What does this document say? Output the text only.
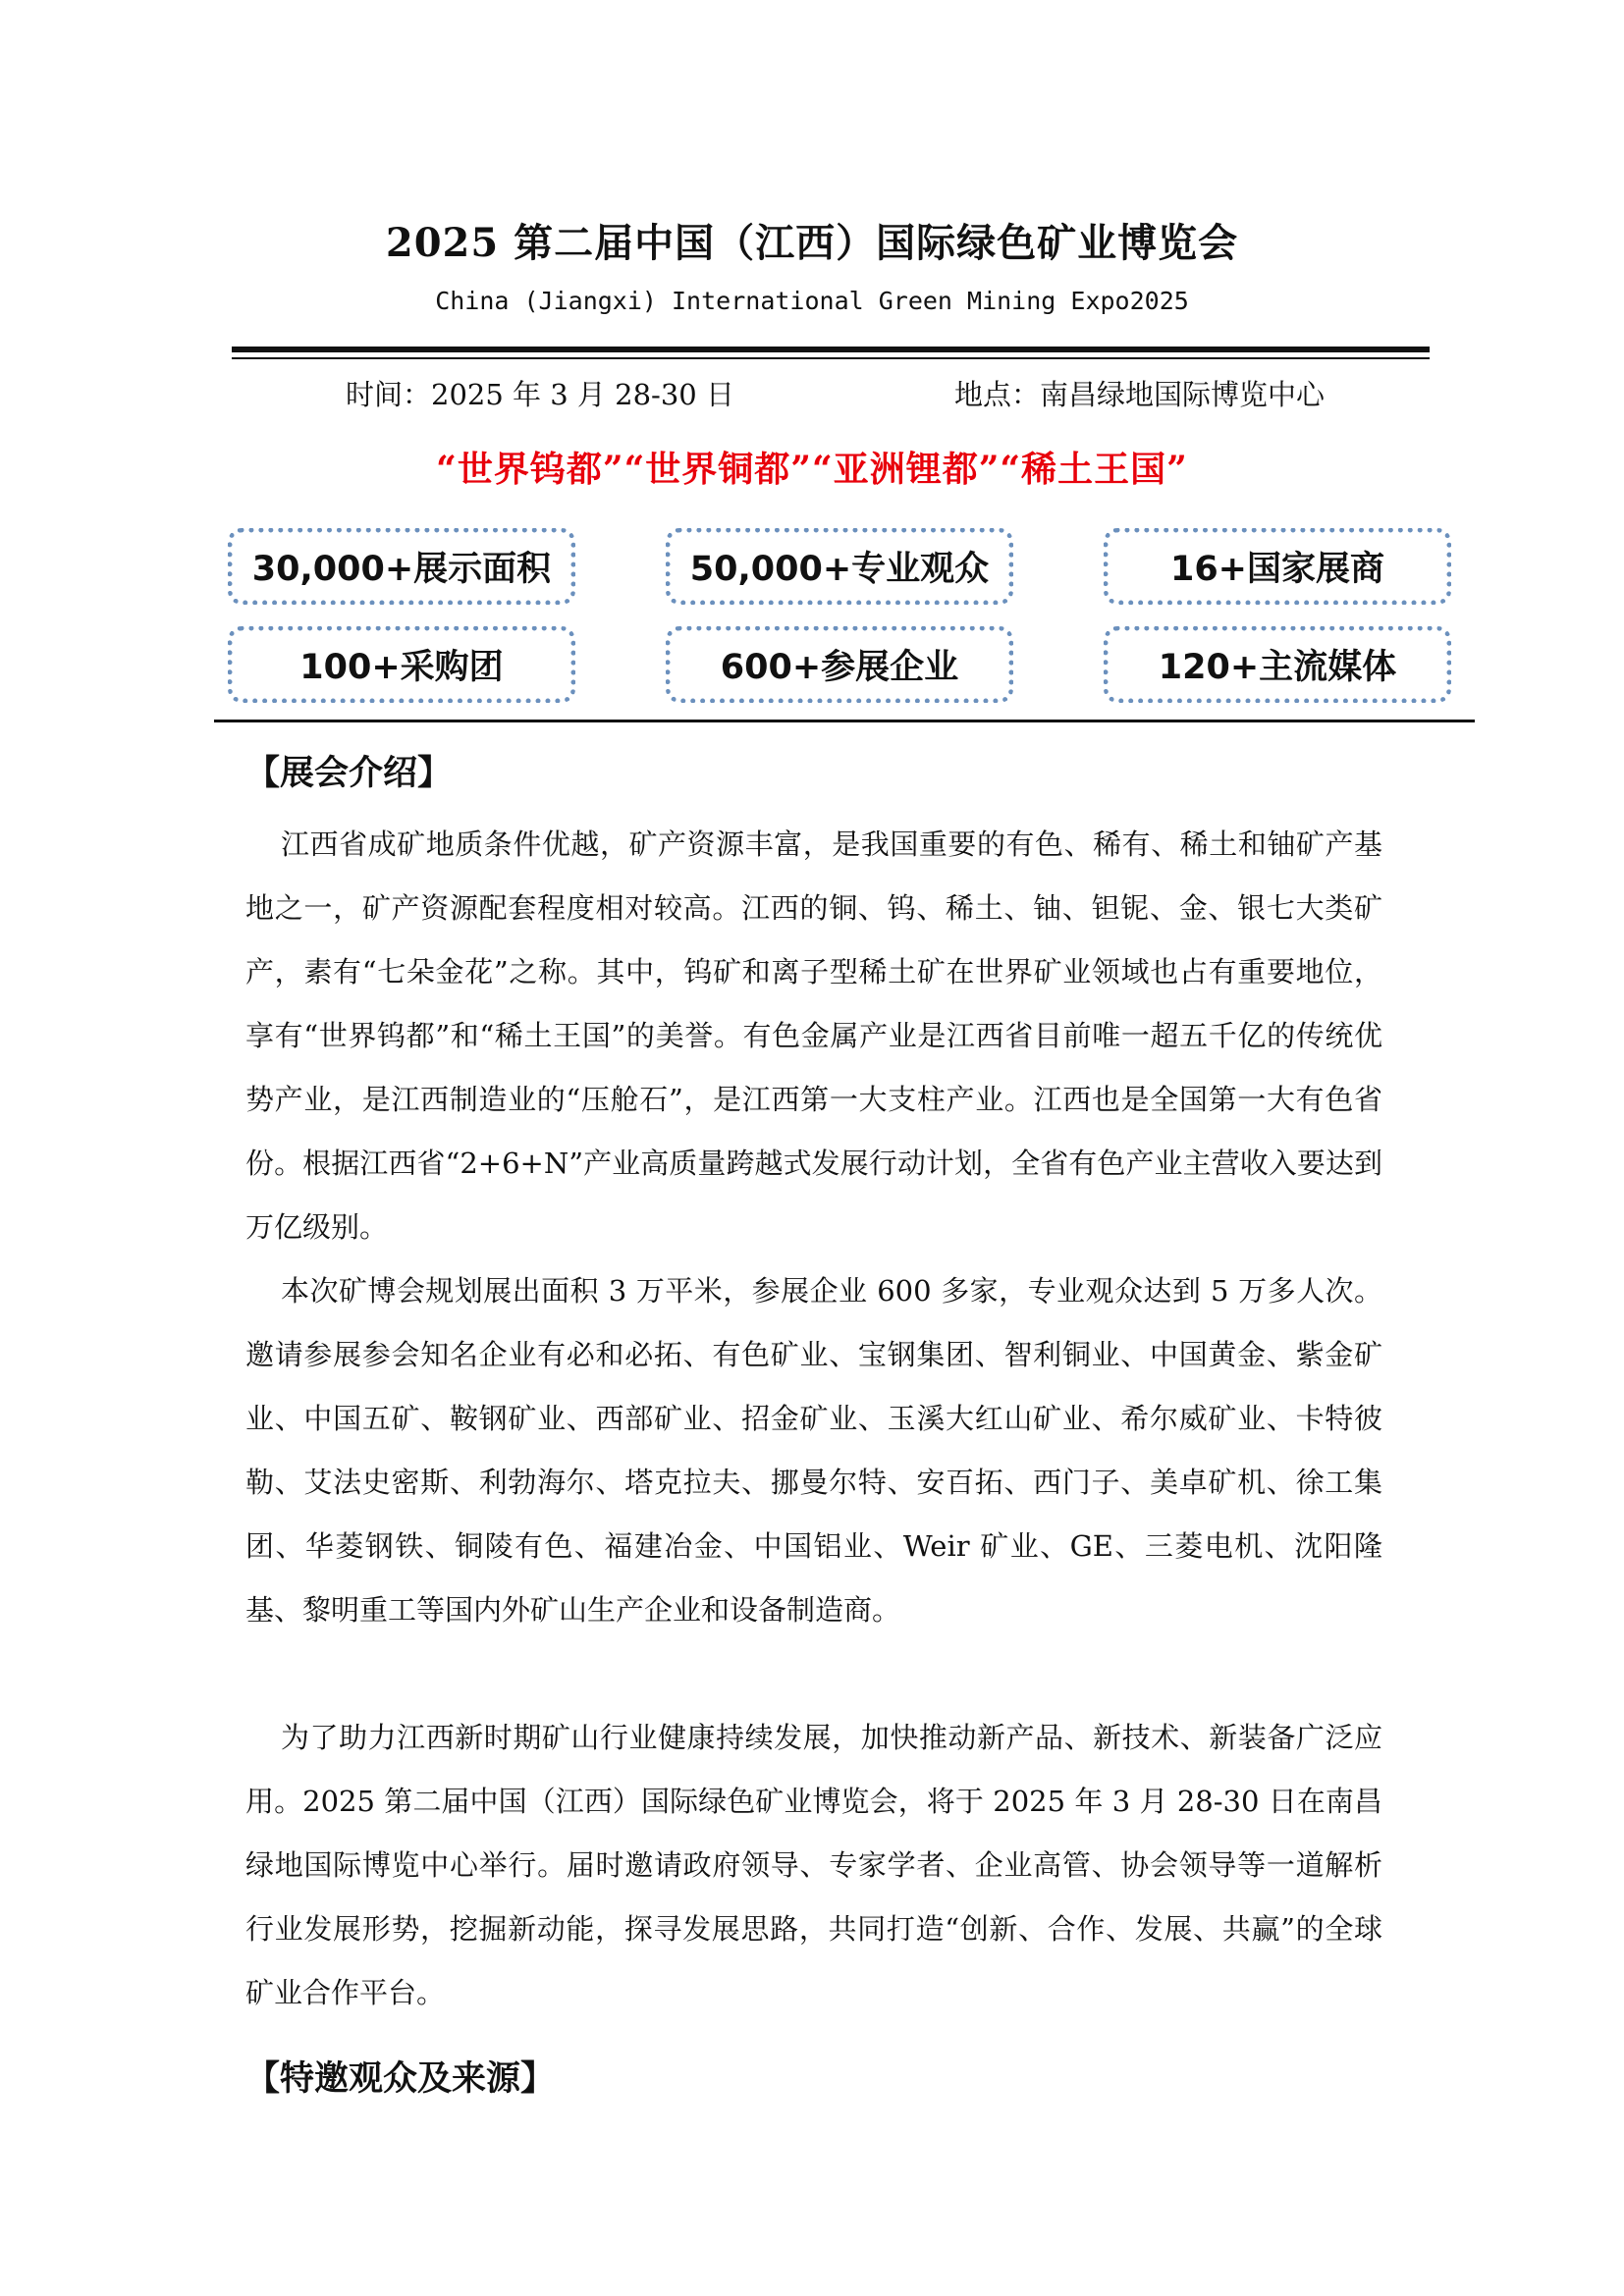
2025 第二届中国（江西）国际绿色矿业博览会
China (Jiangxi) International Green Mining Expo2025
时间：2025 年 3 月 28-30 日	地点：南昌绿地国际博览中心
“世界钨都”“世界铜都”“亚洲锂都”“稀土王国”
30,000+展示面积	50,000+专业观众	16+国家展商
100+采购团	600+参展企业	120+主流媒体
【展会介绍】

江西省成矿地质条件优越，矿产资源丰富，是我国重要的有色、稀有、稀土和铀矿产基地之一，矿产资源配套程度相对较高。江西的铜、钨、稀土、铀、钽铌、金、银七大类矿产，素有“七朵金花”之称。其中，钨矿和离子型稀土矿在世界矿业领域也占有重要地位，享有“世界钨都”和“稀土王国”的美誉。有色金属产业是江西省目前唯一超五千亿的传统优势产业，是江西制造业的“压舱石”，是江西第一大支柱产业。江西也是全国第一大有色省份。根据江西省“2+6+N”产业高质量跨越式发展行动计划，全省有色产业主营收入要达到万亿级别。

本次矿博会规划展出面积 3 万平米，参展企业 600 多家，专业观众达到 5 万多人次。邀请参展参会知名企业有必和必拓、有色矿业、宝钢集团、智利铜业、中国黄金、紫金矿业、中国五矿、鞍钢矿业、西部矿业、招金矿业、玉溪大红山矿业、希尔威矿业、卡特彼勒、艾法史密斯、利勃海尔、塔克拉夫、挪曼尔特、安百拓、西门子、美卓矿机、徐工集团、华菱钢铁、铜陵有色、福建冶金、中国铝业、Weir 矿业、GE、三菱电机、沈阳隆基、黎明重工等国内外矿山生产企业和设备制造商。

为了助力江西新时期矿山行业健康持续发展，加快推动新产品、新技术、新装备广泛应用。2025 第二届中国（江西）国际绿色矿业博览会，将于 2025 年 3 月 28-30 日在南昌绿地国际博览中心举行。届时邀请政府领导、专家学者、企业高管、协会领导等一道解析行业发展形势，挖掘新动能，探寻发展思路，共同打造“创新、合作、发展、共赢”的全球矿业合作平台。

【特邀观众及来源】
